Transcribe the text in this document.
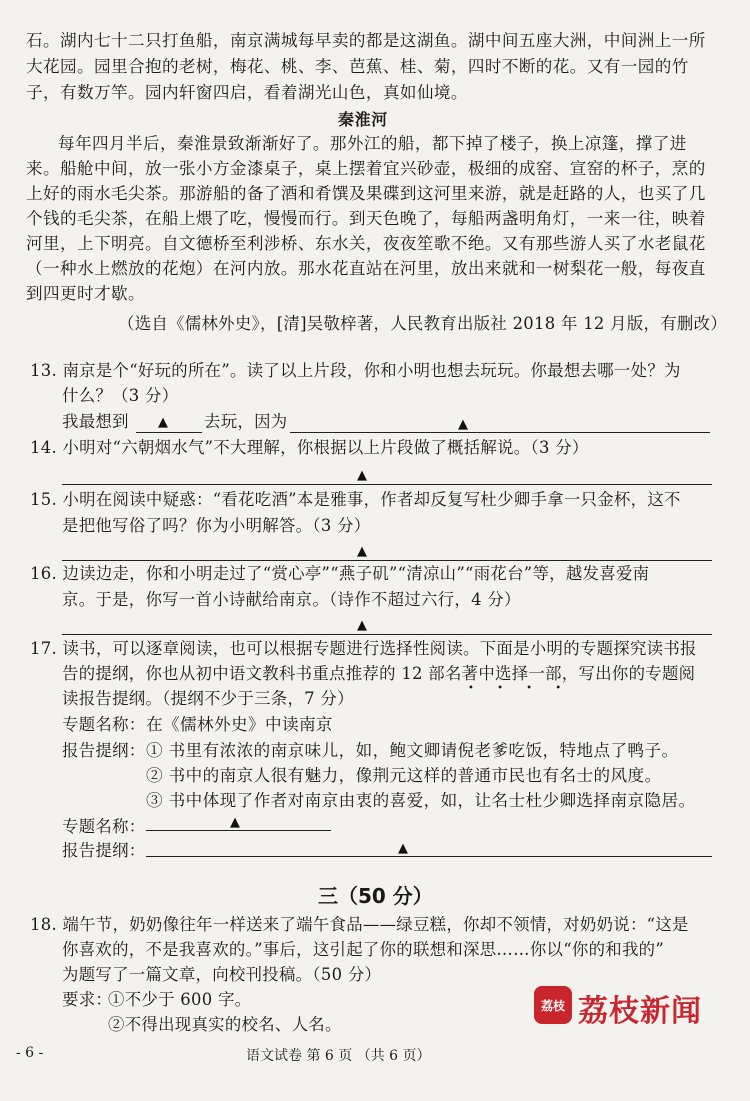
石。湖内七十二只打鱼船，南京满城每早卖的都是这湖鱼。湖中间五座大洲，中间洲上一所
大花园。园里合抱的老树，梅花、桃、李、芭蕉、桂、菊，四时不断的花。又有一园的竹
子，有数万竿。园内轩窗四启，看着湖光山色，真如仙境。
秦淮河
每年四月半后，秦淮景致渐渐好了。那外江的船，都下掉了楼子，换上凉篷，撑了进
来。船舱中间，放一张小方金漆桌子，桌上摆着宜兴砂壶，极细的成窑、宣窑的杯子，烹的
上好的雨水毛尖茶。那游船的备了酒和肴馔及果碟到这河里来游，就是赶路的人，也买了几
个钱的毛尖茶，在船上煨了吃，慢慢而行。到天色晚了，每船两盏明角灯，一来一往，映着
河里，上下明亮。自文德桥至利涉桥、东水关，夜夜笙歌不绝。又有那些游人买了水老鼠花
（一种水上燃放的花炮）在河内放。那水花直站在河里，放出来就和一树梨花一般，每夜直
到四更时才歇。
（选自《儒林外史》，[清]吴敬梓著，人民教育出版社 2018 年 12 月版，有删改）
13. 南京是个“好玩的所在”。读了以上片段，你和小明也想去玩玩。你最想去哪一处？为
什么？（3 分）
我最想到 ▲ 去玩，因为	▲
14. 小明对“六朝烟水气”不大理解，你根据以上片段做了概括解说。（3 分）
▲
15. 小明在阅读中疑惑：“看花吃酒”本是雅事，作者却反复写杜少卿手拿一只金杯，这不
是把他写俗了吗？你为小明解答。（3 分）
▲
16. 边读边走，你和小明走过了“赏心亭”“燕子矶”“清凉山”“雨花台”等，越发喜爱南
京。于是，你写一首小诗献给南京。（诗作不超过六行，4 分）
▲
17. 读书，可以逐章阅读，也可以根据专题进行选择性阅读。下面是小明的专题探究读书报
告的提纲，你也从初中语文教科书重点推荐的 12 部名著中选择一部，写出你的专题阅
• • • •
读报告提纲。（提纲不少于三条，7 分）
专题名称： 在《儒林外史》中读南京
报告提纲： ① 书里有浓浓的南京味儿，如，鲍文卿请倪老爹吃饭，特地点了鸭子。
② 书中的南京人很有魅力，像荆元这样的普通市民也有名士的风度。
③ 书中体现了作者对南京由衷的喜爱，如，让名士杜少卿选择南京隐居。
专题名称：	▲
报告提纲：	▲
三（50 分）
18. 端午节，奶奶像往年一样送来了端午食品——绿豆糕，你却不领情，对奶奶说：“这是
你喜欢的，不是我喜欢的。”事后，这引起了你的联想和深思……你以“你的和我的”
为题写了一篇文章，向校刊投稿。（50 分）
要求：
①不少于 600 字。
②不得出现真实的校名、人名。
荔枝 荔枝新闻
- 6 -	语文试卷 第 6 页 （共 6 页）
